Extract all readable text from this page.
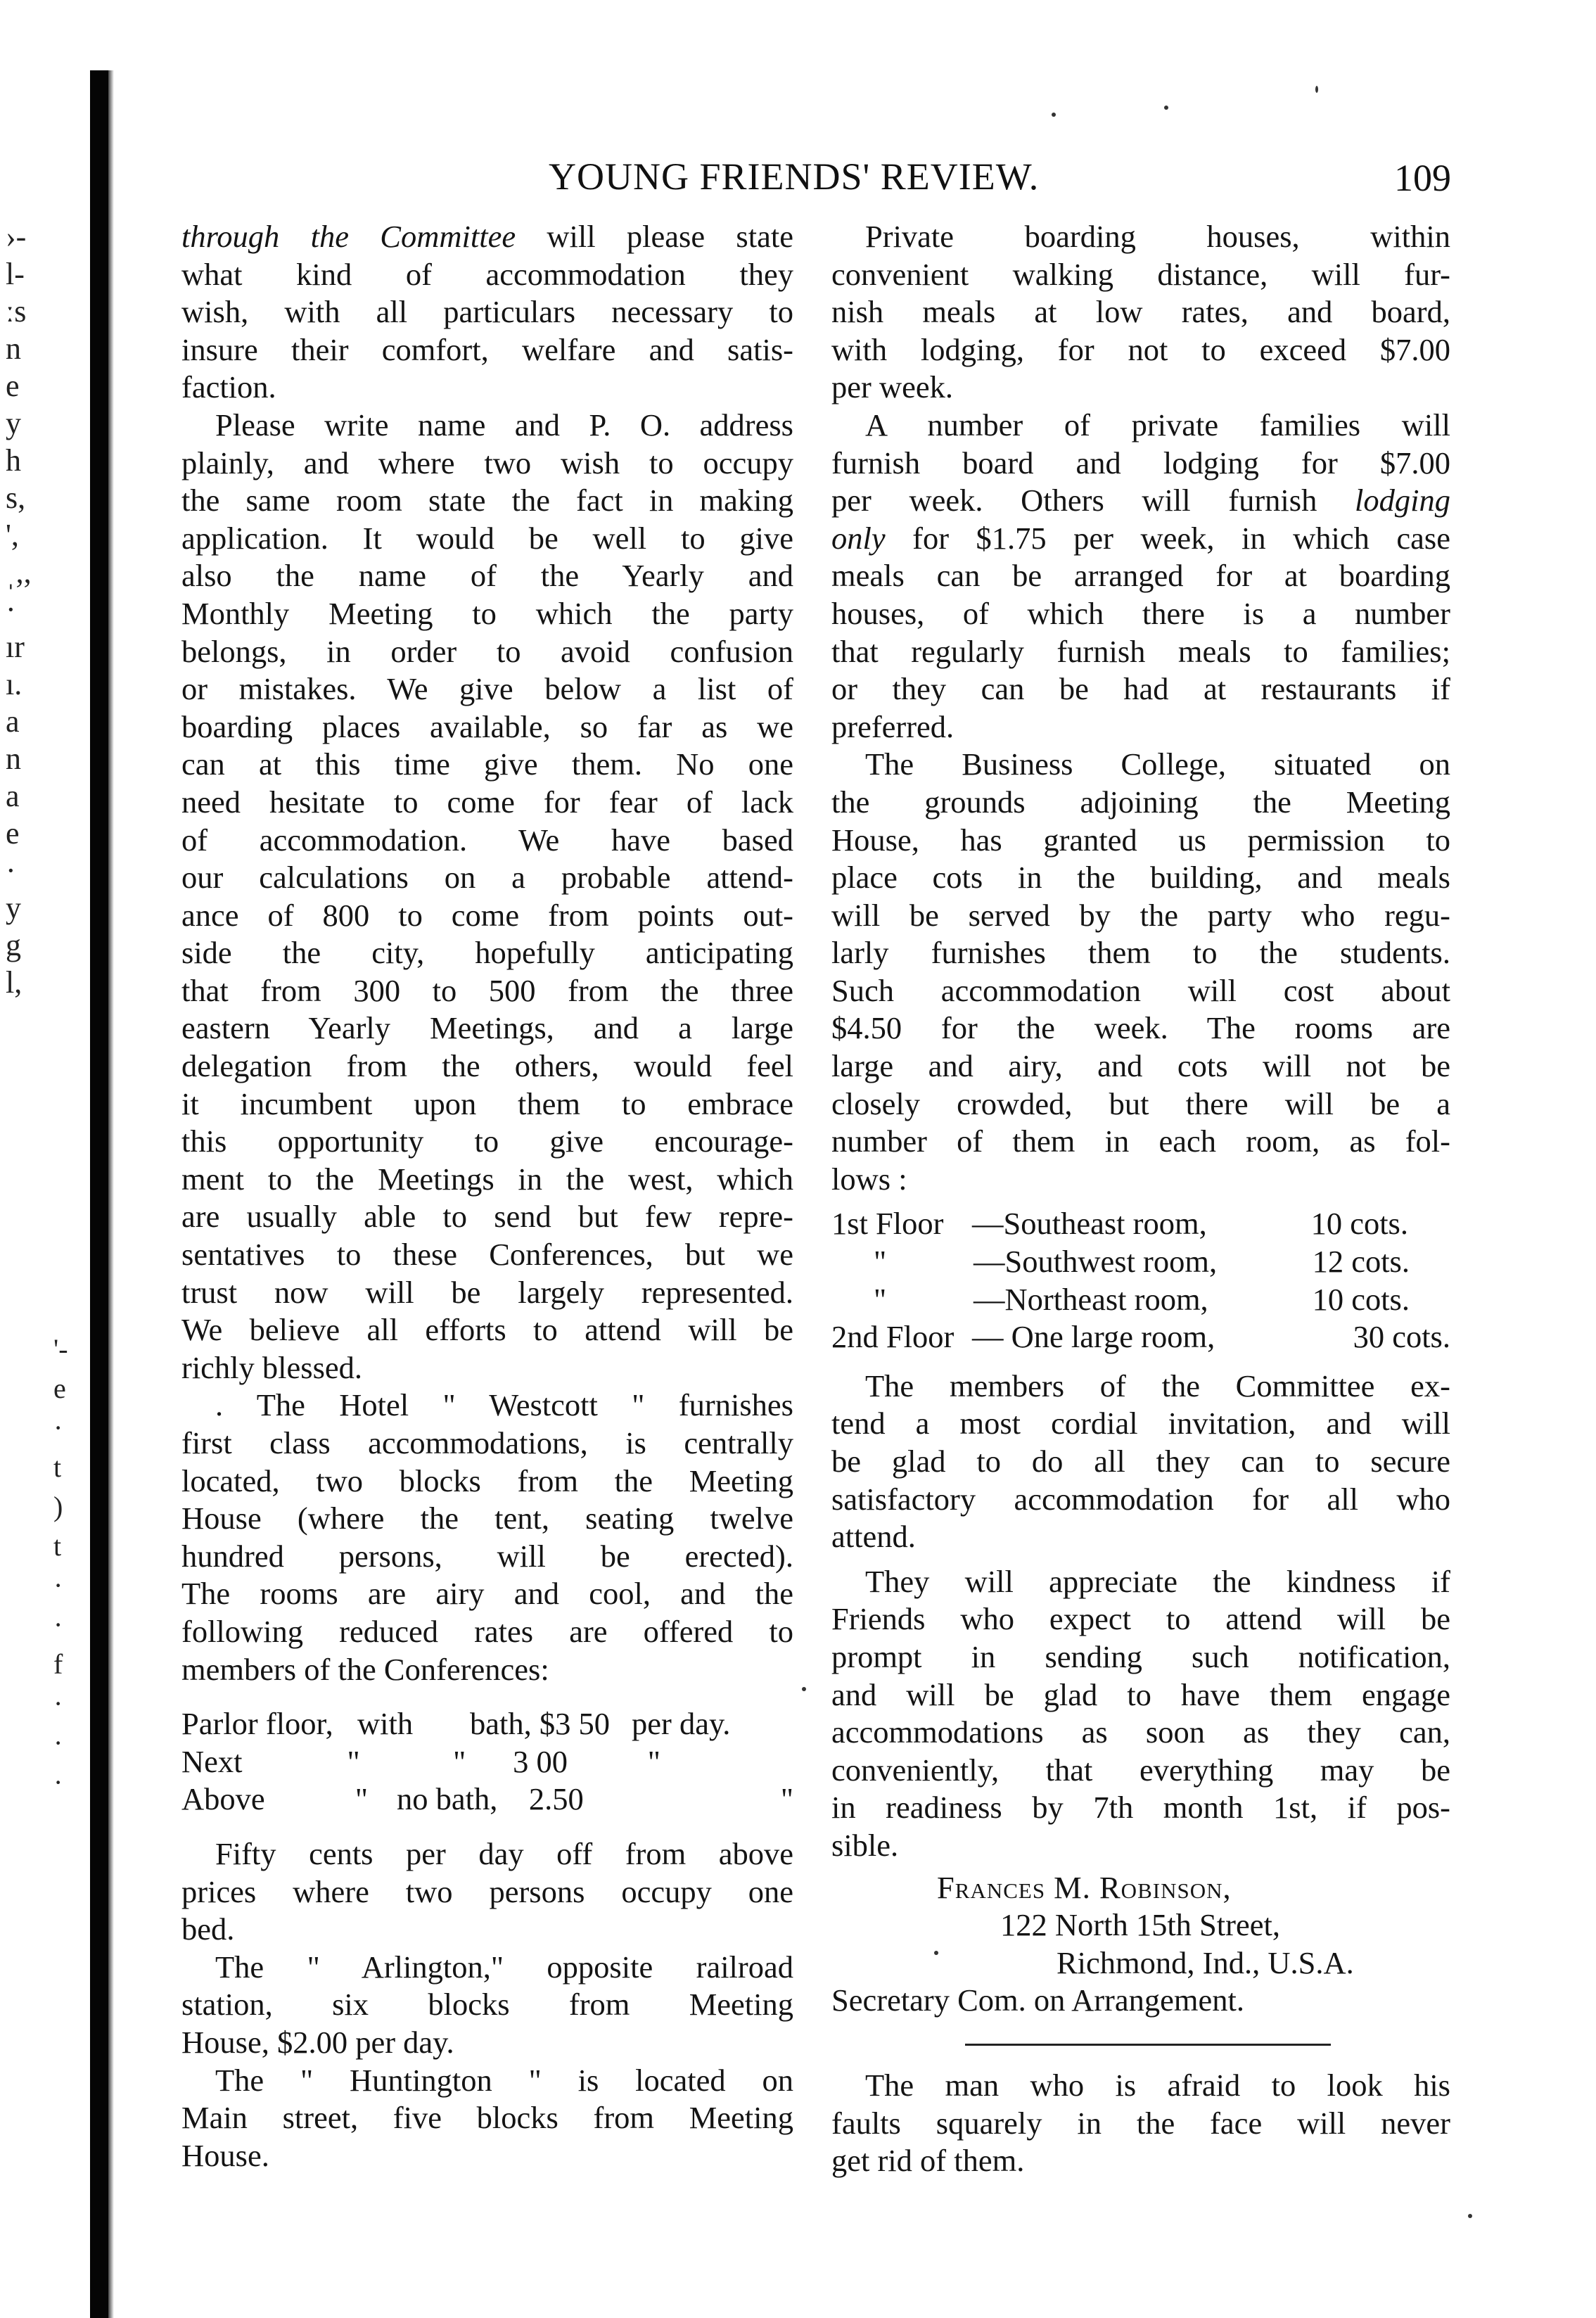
›-
l-
ːs
n
e
y
h
s,
',
ˌ,,
·
ır
ı.
a
n
a
e
·
y
g
l,
'-
e
·
t
)
t
·
·
f
·
·
·
YOUNG FRIENDS' REVIEW.	109

through the Committee will please state
what kind of accommodation they
wish, with all particulars necessary to
insure their comfort, welfare and satis-
faction.

Please write name and P. O. address
plainly, and where two wish to occupy
the same room state the fact in making
application. It would be well to give
also the name of the Yearly and
Monthly Meeting to which the party
belongs, in order to avoid confusion
or mistakes. We give below a list of
boarding places available, so far as we
can at this time give them. No one
need hesitate to come for fear of lack
of accommodation. We have based
our calculations on a probable attend-
ance of 800 to come from points out-
side the city, hopefully anticipating
that from 300 to 500 from the three
eastern Yearly Meetings, and a large
delegation from the others, would feel
it incumbent upon them to embrace
this opportunity to give encourage-
ment to the Meetings in the west, which
are usually able to send but few repre-
sentatives to these Conferences, but we
trust now will be largely represented.
We believe all efforts to attend will be
richly blessed.

. The Hotel " Westcott " furnishes
first class accommodations, is centrally
located, two blocks from the Meeting
House (where the tent, seating twelve
hundred persons, will be erected).
The rooms are airy and cool, and the
following reduced rates are offered to
members of the Conferences:

Parlor floor, with	bath, $3 50 per day.
Next	"	"      3 00	"
Above	" no bath,    2.50	"

Fifty cents per day off from above
prices where two persons occupy one
bed.

The " Arlington," opposite railroad
station, six blocks from Meeting
House, $2.00 per day.

The " Huntington " is located on
Main street, five blocks from Meeting
House.

Private boarding houses, within
convenient walking distance, will fur-
nish meals at low rates, and board,
with lodging, for not to exceed $7.00
per week.

A number of private families will
furnish board and lodging for $7.00
per week. Others will furnish lodging
only for $1.75 per week, in which case
meals can be arranged for at boarding
houses, of which there is a number
that regularly furnish meals to families;
or they can be had at restaurants if
preferred.

The Business College, situated on
the grounds adjoining the Meeting
House, has granted us permission to
place cots in the building, and meals
will be served by the party who regu-
larly furnishes them to the students.
Such accommodation will cost about
$4.50 for the week. The rooms are
large and airy, and cots will not be
closely crowded, but there will be a
number of them in each room, as fol-
lows :

1st Floor —Southeast room,	10 cots.
"	—Southwest room,	12 cots.
"	—Northeast room,	10 cots.
2nd Floor — One large room,	30 cots.

The members of the Committee ex-
tend a most cordial invitation, and will
be glad to do all they can to secure
satisfactory accommodation for all who
attend.

They will appreciate the kindness if
Friends who expect to attend will be
prompt in sending such notification,
and will be glad to have them engage
accommodations as soon as they can,
conveniently, that everything may be
in readiness by 7th month 1st, if pos-
sible.

Frances M. Robinson,
122 North 15th Street,
Richmond, Ind., U.S.A.
Secretary Com. on Arrangement.

The man who is afraid to look his
faults squarely in the face will never
get rid of them.
